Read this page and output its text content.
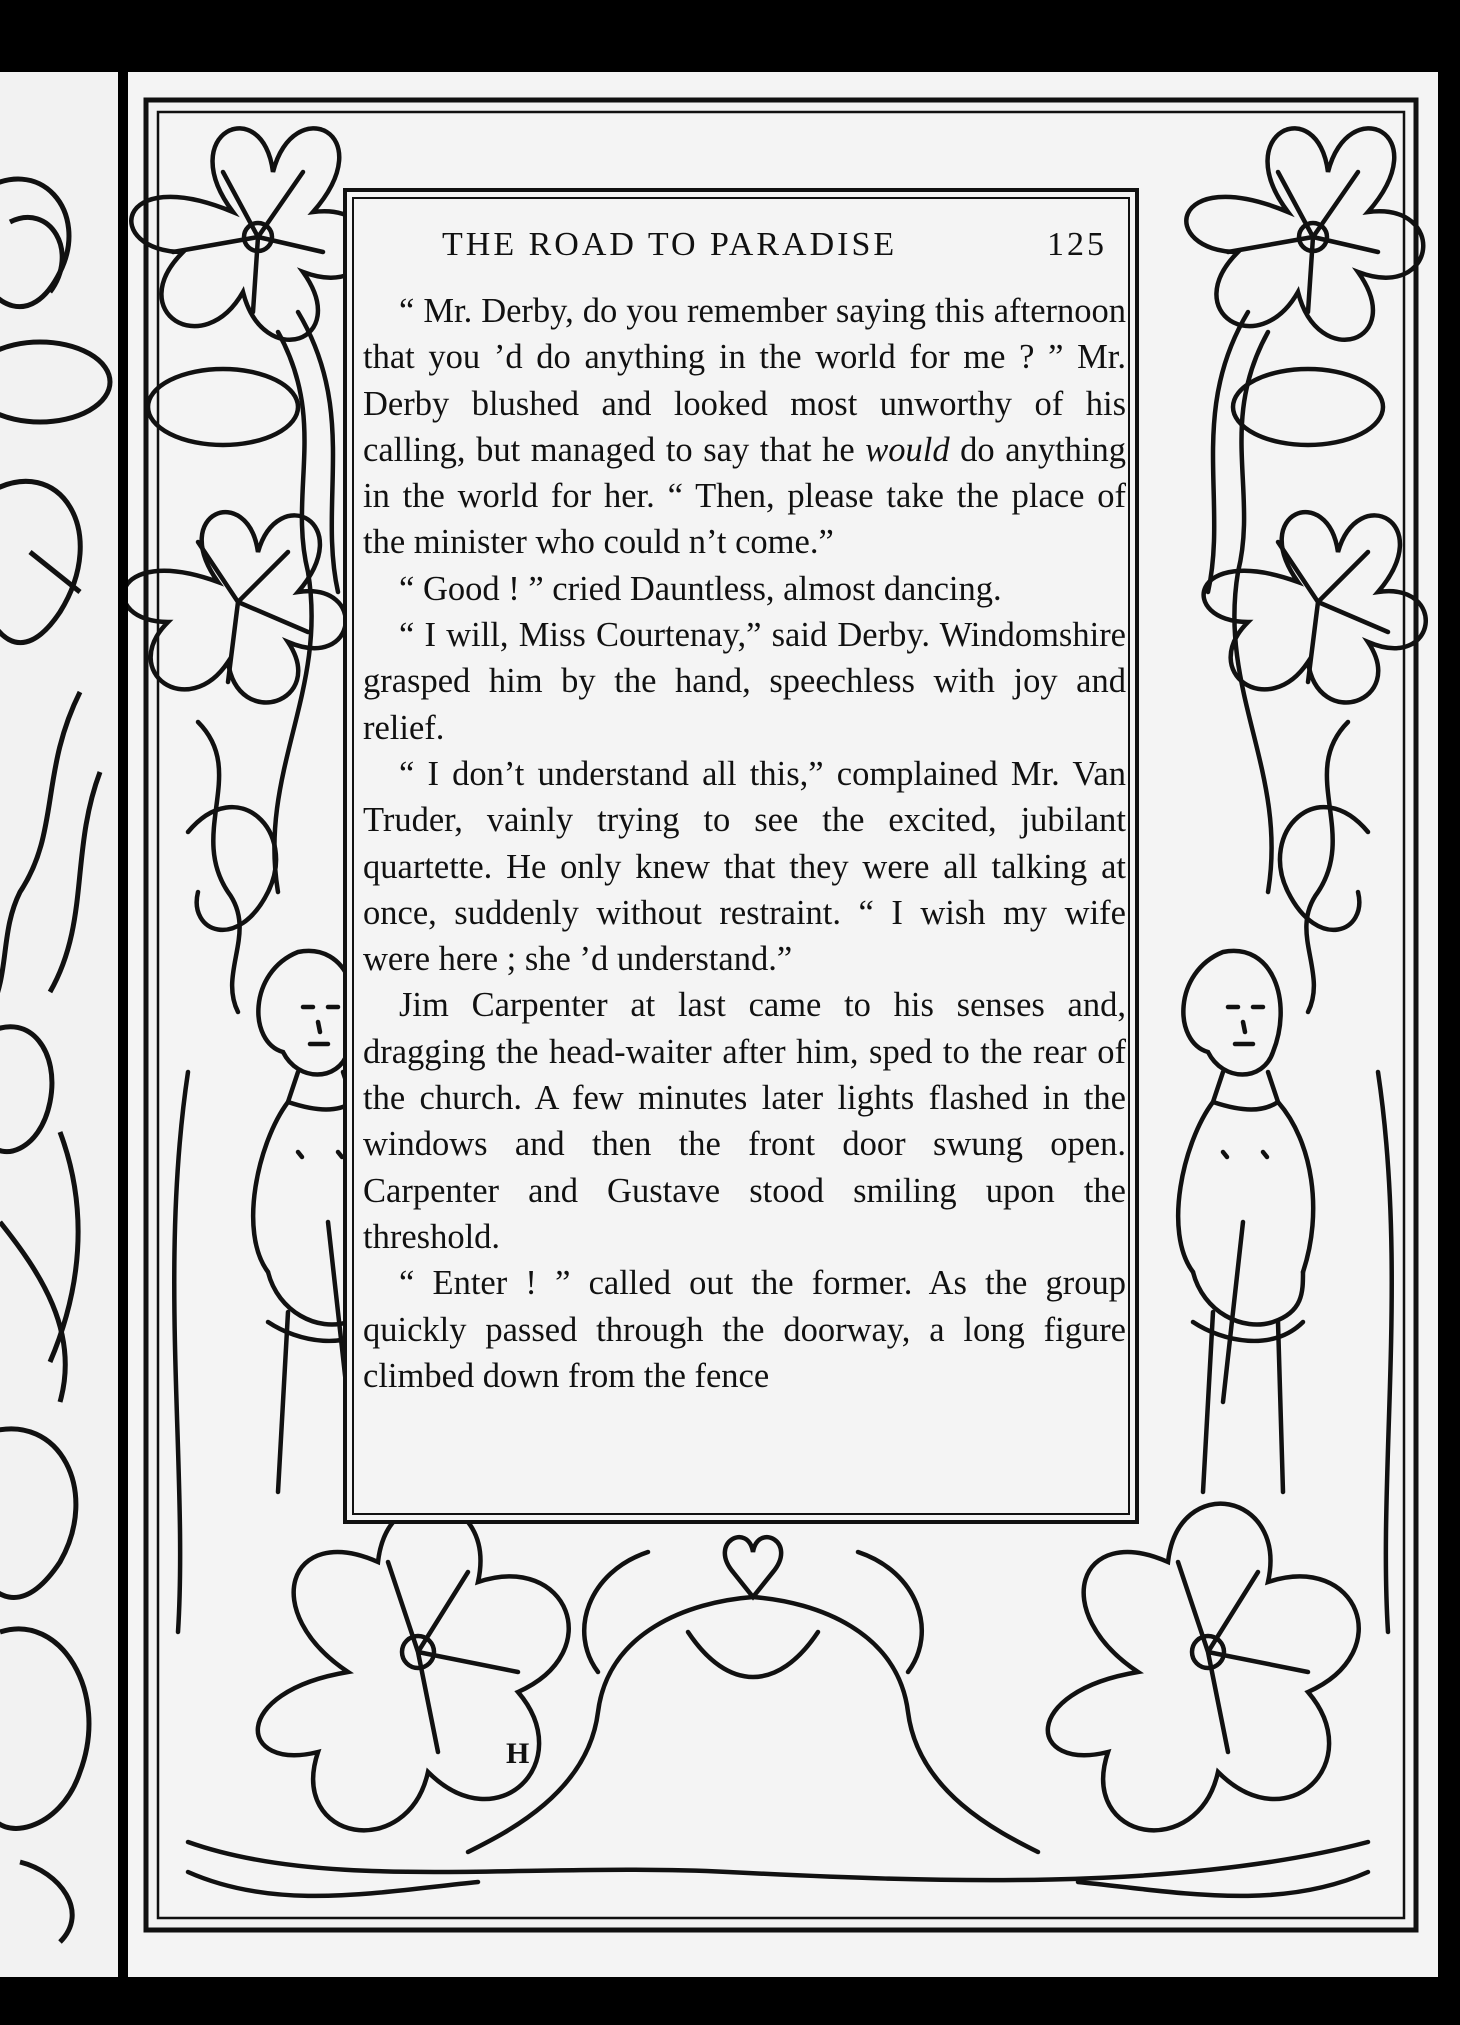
THE ROAD TO PARADISE	125

“ Mr. Derby, do you remember saying this afternoon that you ’d do anything in the world for me ? ” Mr. Derby blushed and looked most unworthy of his calling, but managed to say that he would do anything in the world for her. “ Then, please take the place of the minister who could n’t come.”

“ Good ! ” cried Dauntless, almost dancing.

“ I will, Miss Courtenay,” said Derby. Windomshire grasped him by the hand, speechless with joy and relief.

“ I don’t understand all this,” complained Mr. Van Truder, vainly trying to see the excited, jubilant quartette. He only knew that they were all talking at once, suddenly without restraint. “ I wish my wife were here ; she ’d understand.”

Jim Carpenter at last came to his senses and, dragging the head-waiter after him, sped to the rear of the church. A few minutes later lights flashed in the windows and then the front door swung open. Carpenter and Gustave stood smiling upon the threshold.

“ Enter ! ” called out the former. As the group quickly passed through the doorway, a long figure climbed down from the fence

H
